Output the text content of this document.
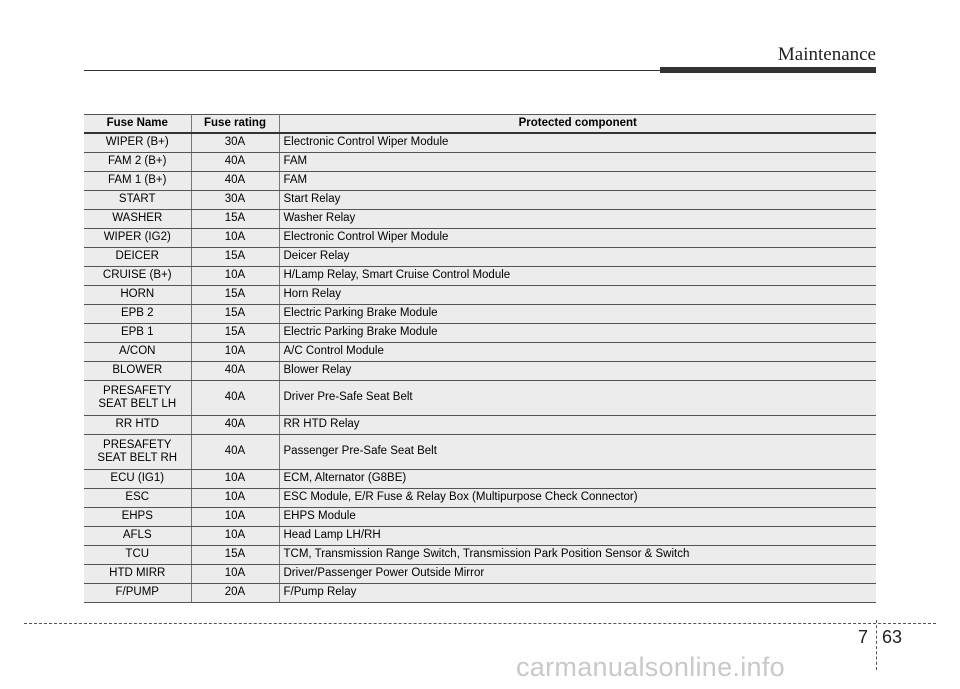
Maintenance
Fuse Name	Fuse rating	Protected component
WIPER (B+)	30A	Electronic Control Wiper Module
FAM 2 (B+)	40A	FAM
FAM 1 (B+)	40A	FAM
START	30A	Start Relay
WASHER	15A	Washer Relay
WIPER (IG2)	10A	Electronic Control Wiper Module
DEICER	15A	Deicer Relay
CRUISE (B+)	10A	H/Lamp Relay, Smart Cruise Control Module
HORN	15A	Horn Relay
EPB 2	15A	Electric Parking Brake Module
EPB 1	15A	Electric Parking Brake Module
A/CON	10A	A/C Control Module
BLOWER	40A	Blower Relay
PRESAFETY
SEAT BELT LH	40A	Driver Pre-Safe Seat Belt
RR HTD	40A	RR HTD Relay
PRESAFETY
SEAT BELT RH	40A	Passenger Pre-Safe Seat Belt
ECU (IG1)	10A	ECM, Alternator (G8BE)
ESC	10A	ESC Module, E/R Fuse & Relay Box (Multipurpose Check Connector)
EHPS	10A	EHPS Module
AFLS	10A	Head Lamp LH/RH
TCU	15A	TCM, Transmission Range Switch, Transmission Park Position Sensor & Switch
HTD MIRR	10A	Driver/Passenger Power Outside Mirror
F/PUMP	20A	F/Pump Relay
7 63
carmanualsonline.info
